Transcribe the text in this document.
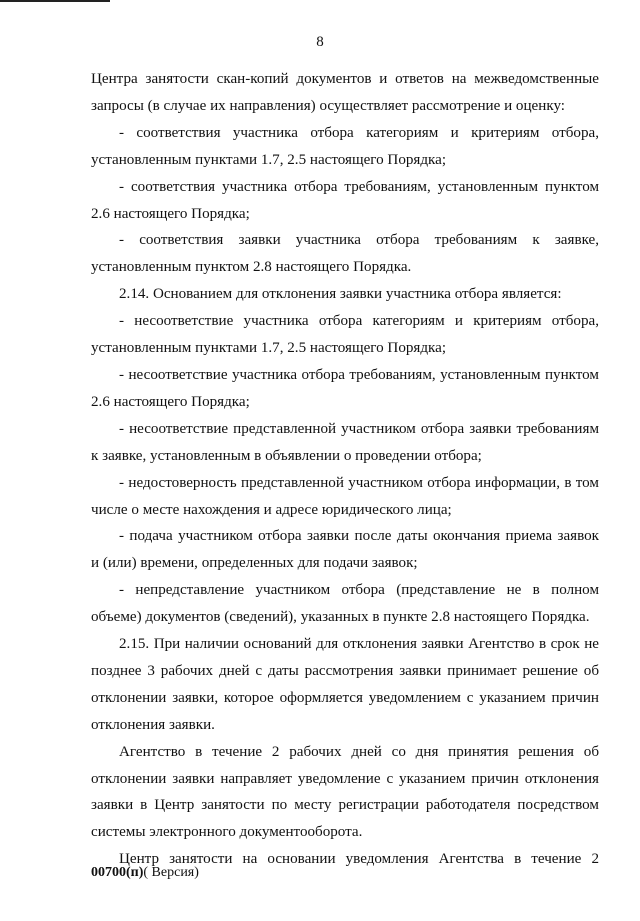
8

Центра занятости скан-копий документов и ответов на межведомственные

запросы (в случае их направления) осуществляет рассмотрение и оценку:

- соответствия участника отбора категориям и критериям отбора,

установленным пунктами 1.7, 2.5 настоящего Порядка;

- соответствия участника отбора требованиям, установленным пунктом

2.6 настоящего Порядка;

- соответствия заявки участника отбора требованиям к заявке,

установленным пунктом 2.8 настоящего Порядка.

2.14. Основанием для отклонения заявки участника отбора является:

- несоответствие участника отбора категориям и критериям отбора,

установленным пунктами 1.7, 2.5 настоящего Порядка;

- несоответствие участника отбора требованиям, установленным пунктом

2.6 настоящего Порядка;

- несоответствие представленной участником отбора заявки требованиям

к заявке, установленным в объявлении о проведении отбора;

- недостоверность представленной участником отбора информации, в том

числе о месте нахождения и адресе юридического лица;

- подача участником отбора заявки после даты окончания приема заявок

и (или) времени, определенных для подачи заявок;

- непредставление участником отбора (представление не в полном

объеме) документов (сведений), указанных в пункте 2.8 настоящего Порядка.

2.15. При наличии оснований для отклонения заявки Агентство в срок не

позднее 3 рабочих дней с даты рассмотрения заявки принимает решение об

отклонении заявки, которое оформляется уведомлением с указанием причин

отклонения заявки.

Агентство в течение 2 рабочих дней со дня принятия решения об

отклонении заявки направляет уведомление с указанием причин отклонения

заявки в Центр занятости по месту регистрации работодателя посредством

системы электронного документооборота.

Центр занятости на основании уведомления Агентства в течение 2

00700(п)( Версия)
